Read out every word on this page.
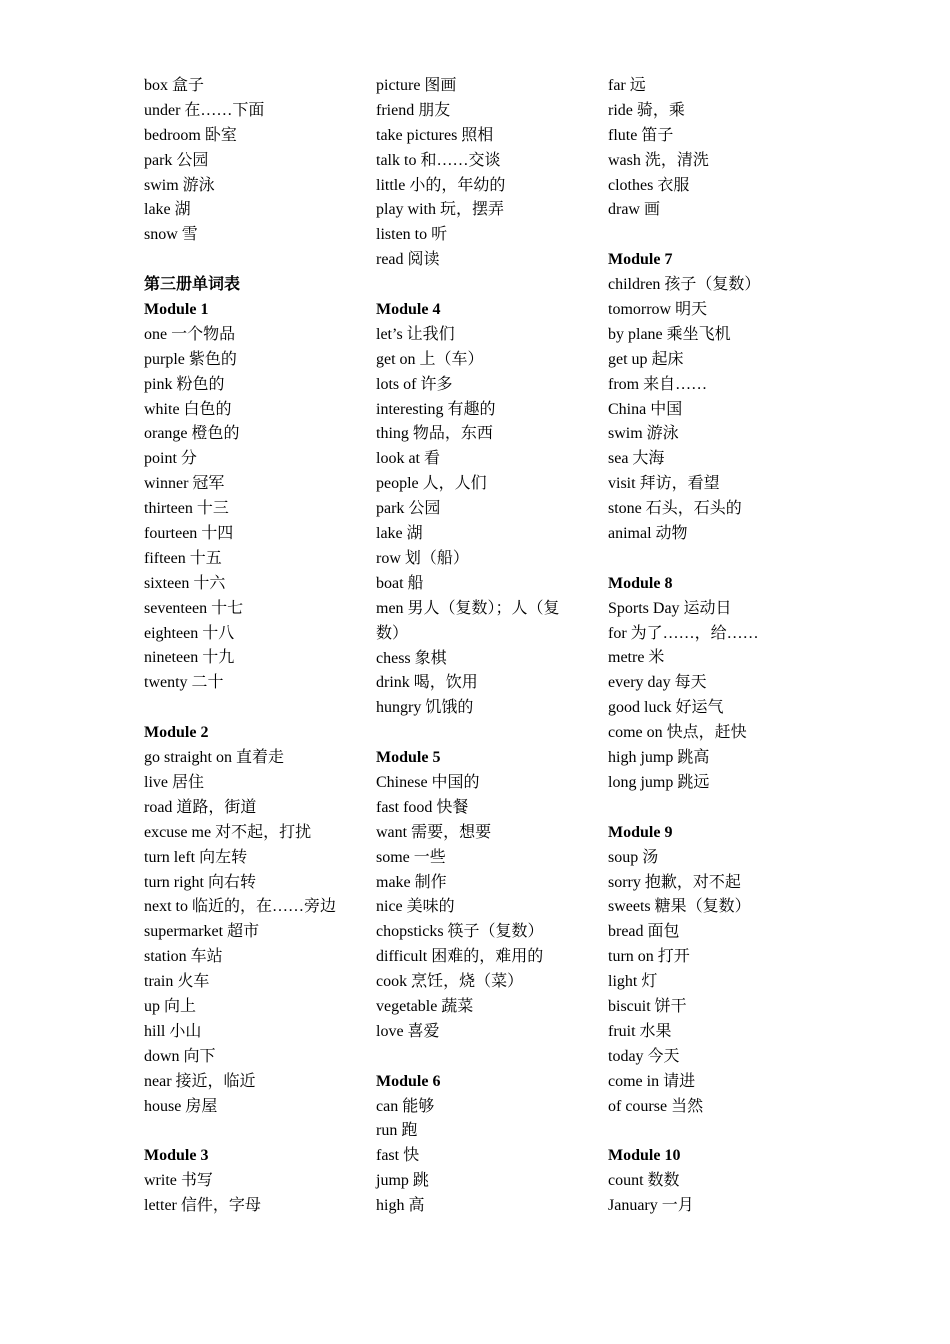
box 盒子
under 在……下面
bedroom 卧室
park 公园
swim 游泳
lake 湖
snow 雪
第三册单词表
Module 1
one 一个物品
purple 紫色的
pink 粉色的
white 白色的
orange 橙色的
point 分
winner 冠军
thirteen 十三
fourteen 十四
fifteen 十五
sixteen 十六
seventeen 十七
eighteen 十八
nineteen 十九
twenty 二十
Module 2
go straight on 直着走
live 居住
road 道路，街道
excuse me 对不起，打扰
turn left 向左转
turn right 向右转
next to 临近的，在……旁边
supermarket 超市
station 车站
train 火车
up 向上
hill 小山
down 向下
near 接近，临近
house 房屋
Module 3
write 书写
letter 信件，字母
picture 图画
friend 朋友
take pictures 照相
talk to 和……交谈
little 小的，年幼的
play with 玩，摆弄
listen to 听
read 阅读
Module 4
let’s 让我们
get on 上（车）
lots of 许多
interesting 有趣的
thing 物品，东西
look at 看
people 人，人们
park 公园
lake 湖
row 划（船）
boat 船
men 男人（复数）；人（复数）
chess 象棋
drink 喝，饮用
hungry 饥饿的
Module 5
Chinese 中国的
fast food 快餐
want 需要，想要
some 一些
make 制作
nice 美味的
chopsticks 筷子（复数）
difficult 困难的，难用的
cook 烹饪，烧（菜）
vegetable 蔬菜
love 喜爱
Module 6
can 能够
run 跑
fast 快
jump 跳
high 高
far 远
ride 骑，乘
flute 笛子
wash 洗，清洗
clothes 衣服
draw 画
Module 7
children 孩子（复数）
tomorrow 明天
by plane 乘坐飞机
get up 起床
from 来自……
China 中国
swim 游泳
sea 大海
visit 拜访，看望
stone 石头，石头的
animal 动物
Module 8
Sports Day 运动日
for 为了……，给……
metre 米
every day 每天
good luck 好运气
come on 快点，赶快
high jump 跳高
long jump 跳远
Module 9
soup 汤
sorry 抱歉，对不起
sweets 糖果（复数）
bread 面包
turn on 打开
light 灯
biscuit 饼干
fruit 水果
today 今天
come in 请进
of course 当然
Module 10
count 数数
January 一月
